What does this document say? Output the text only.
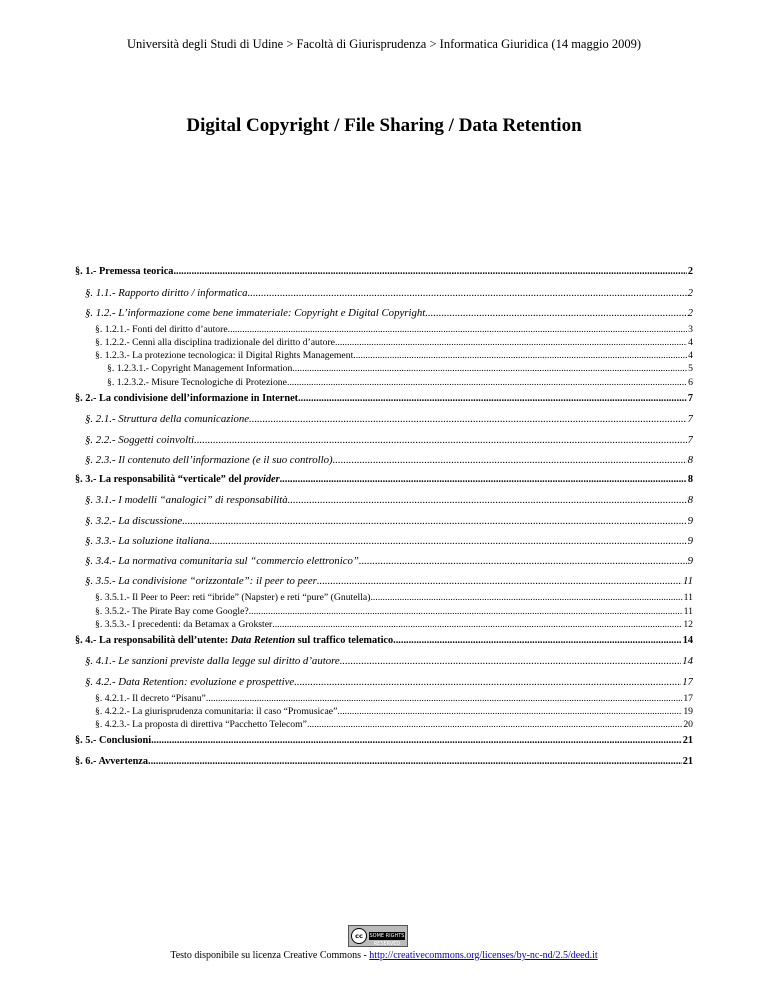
Università degli Studi di Udine > Facoltà di Giurisprudenza > Informatica Giuridica (14 maggio 2009)
Digital Copyright / File Sharing / Data Retention
§. 1.- Premessa teorica .....	2
§. 1.1.- Rapporto diritto / informatica .....	2
§. 1.2.- L’informazione come bene immateriale: Copyright e Digital Copyright .....	2
§. 1.2.1.- Fonti del diritto d’autore .....	3
§. 1.2.2.- Cenni alla disciplina tradizionale del diritto d’autore .....	4
§. 1.2.3.- La protezione tecnologica: il Digital Rights Management .....	4
§. 1.2.3.1.- Copyright Management Information .....	5
§. 1.2.3.2.- Misure Tecnologiche di Protezione .....	6
§. 2.- La condivisione dell’informazione in Internet .....	7
§. 2.1.- Struttura della comunicazione .....	7
§. 2.2.- Soggetti coinvolti .....	7
§. 2.3.- Il contenuto dell’informazione (e il suo controllo) .....	8
§. 3.- La responsabilità “verticale” del provider .....	8
§. 3.1.- I modelli “analogici” di responsabilità .....	8
§. 3.2.- La discussione .....	9
§. 3.3.- La soluzione italiana .....	9
§. 3.4.- La normativa comunitaria sul “commercio elettronico” .....	9
§. 3.5.- La condivisione “orizzontale”: il peer to peer .....	11
§. 3.5.1.- Il Peer to Peer: reti “ibride” (Napster) e reti “pure” (Gnutella) .....	11
§. 3.5.2.- The Pirate Bay come Google? .....	11
§. 3.5.3.- I precedenti: da Betamax a Grokster .....	12
§. 4.- La responsabilità dell’utente: Data Retention sul traffico telematico .....	14
§. 4.1.- Le sanzioni previste dalla legge sul diritto d’autore .....	14
§. 4.2.- Data Retention: evoluzione e prospettive .....	17
§. 4.2.1.- Il decreto “Pisanu” .....	17
§. 4.2.2.- La giurisprudenza comunitaria: il caso “Promusicae” .....	19
§. 4.2.3.- La proposta di direttiva “Pacchetto Telecom” .....	20
§. 5.- Conclusioni .....	21
§. 6.- Avvertenza .....	21
cc	SOME RIGHTS RESERVED
Testo disponibile su licenza Creative Commons - http://creativecommons.org/licenses/by-nc-nd/2.5/deed.it
